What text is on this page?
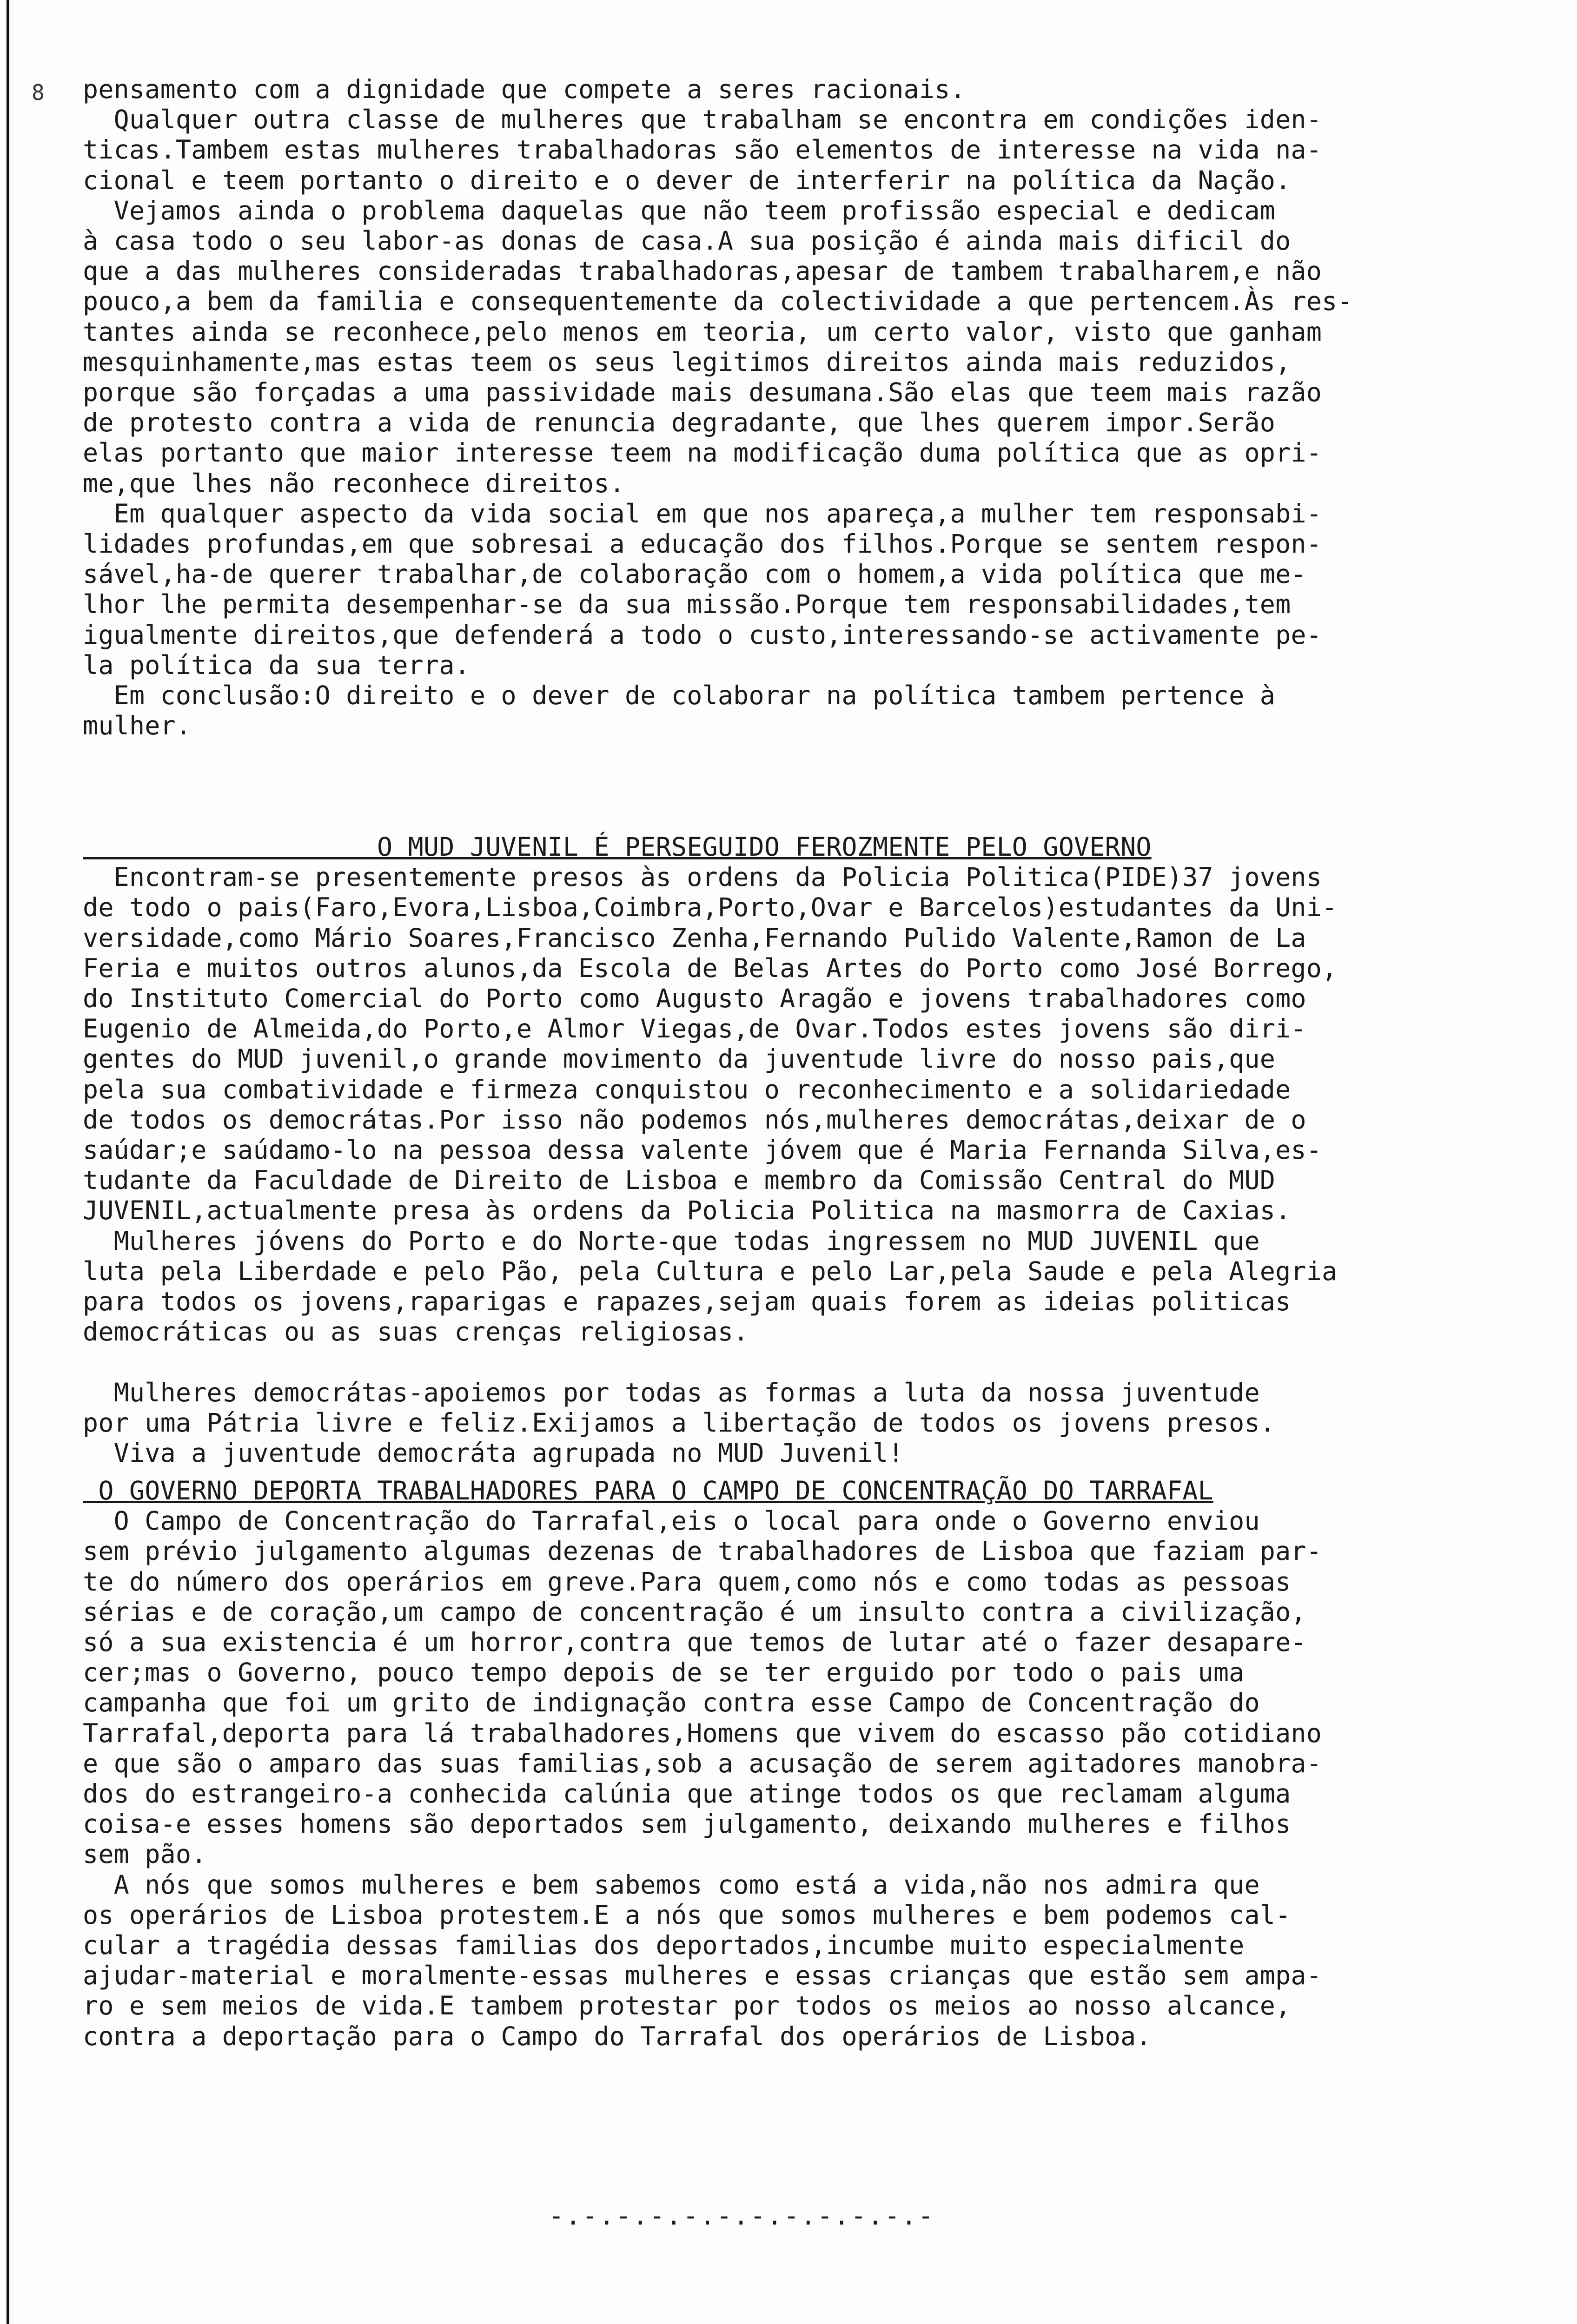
8 pensamento com a dignidade que compete a seres racionais.
Qualquer outra classe de mulheres que trabalham se encontra em condições iden-
ticas.Tambem estas mulheres trabalhadoras são elementos de interesse na vida na-
cional e teem portanto o direito e o dever de interferir na política da Nação.
Vejamos ainda o problema daquelas que não teem profissão especial e dedicam
à casa todo o seu labor-as donas de casa.A sua posição é ainda mais dificil do
que a das mulheres consideradas trabalhadoras,apesar de tambem trabalharem,e não
pouco,a bem da familia e consequentemente da colectividade a que pertencem.Às res-
tantes ainda se reconhece,pelo menos em teoria, um certo valor, visto que ganham
mesquinhamente,mas estas teem os seus legitimos direitos ainda mais reduzidos,
porque são forçadas a uma passividade mais desumana.São elas que teem mais razão
de protesto contra a vida de renuncia degradante, que lhes querem impor.Serão
elas portanto que maior interesse teem na modificação duma política que as opri-
me,que lhes não reconhece direitos.
Em qualquer aspecto da vida social em que nos apareça,a mulher tem responsabi-
lidades profundas,em que sobresai a educação dos filhos.Porque se sentem respon-
sável,ha-de querer trabalhar,de colaboração com o homem,a vida política que me-
lhor lhe permita desempenhar-se da sua missão.Porque tem responsabilidades,tem
igualmente direitos,que defenderá a todo o custo,interessando-se activamente pe-
la política da sua terra.
Em conclusão:O direito e o dever de colaborar na política tambem pertence à
mulher.
O MUD JUVENIL É PERSEGUIDO FEROZMENTE PELO GOVERNO
Encontram-se presentemente presos às ordens da Policia Politica(PIDE)37 jovens
de todo o pais(Faro,Evora,Lisboa,Coimbra,Porto,Ovar e Barcelos)estudantes da Uni-
versidade,como Mário Soares,Francisco Zenha,Fernando Pulido Valente,Ramon de La
Feria e muitos outros alunos,da Escola de Belas Artes do Porto como José Borrego,
do Instituto Comercial do Porto como Augusto Aragão e jovens trabalhadores como
Eugenio de Almeida,do Porto,e Almor Viegas,de Ovar.Todos estes jovens são diri-
gentes do MUD juvenil,o grande movimento da juventude livre do nosso pais,que
pela sua combatividade e firmeza conquistou o reconhecimento e a solidariedade
de todos os democrátas.Por isso não podemos nós,mulheres democrátas,deixar de o
saúdar;e saúdamo-lo na pessoa dessa valente jóvem que é Maria Fernanda Silva,es-
tudante da Faculdade de Direito de Lisboa e membro da Comissão Central do MUD
JUVENIL,actualmente presa às ordens da Policia Politica na masmorra de Caxias.
Mulheres jóvens do Porto e do Norte-que todas ingressem no MUD JUVENIL que
luta pela Liberdade e pelo Pão, pela Cultura e pelo Lar,pela Saude e pela Alegria
para todos os jovens,raparigas e rapazes,sejam quais forem as ideias politicas
democráticas ou as suas crenças religiosas.

Mulheres democrátas-apoiemos por todas as formas a luta da nossa juventude
por uma Pátria livre e feliz.Exijamos a libertação de todos os jovens presos.
Viva a juventude democráta agrupada no MUD Juvenil!
O GOVERNO DEPORTA TRABALHADORES PARA O CAMPO DE CONCENTRAÇÃO DO TARRAFAL
O Campo de Concentração do Tarrafal,eis o local para onde o Governo enviou
sem prévio julgamento algumas dezenas de trabalhadores de Lisboa que faziam par-
te do número dos operários em greve.Para quem,como nós e como todas as pessoas
sérias e de coração,um campo de concentração é um insulto contra a civilização,
só a sua existencia é um horror,contra que temos de lutar até o fazer desapare-
cer;mas o Governo, pouco tempo depois de se ter erguido por todo o pais uma
campanha que foi um grito de indignação contra esse Campo de Concentração do
Tarrafal,deporta para lá trabalhadores,Homens que vivem do escasso pão cotidiano
e que são o amparo das suas familias,sob a acusação de serem agitadores manobra-
dos do estrangeiro-a conhecida calúnia que atinge todos os que reclamam alguma
coisa-e esses homens são deportados sem julgamento, deixando mulheres e filhos
sem pão.
A nós que somos mulheres e bem sabemos como está a vida,não nos admira que
os operários de Lisboa protestem.E a nós que somos mulheres e bem podemos cal-
cular a tragédia dessas familias dos deportados,incumbe muito especialmente
ajudar-material e moralmente-essas mulheres e essas crianças que estão sem ampa-
ro e sem meios de vida.E tambem protestar por todos os meios ao nosso alcance,
contra a deportação para o Campo do Tarrafal dos operários de Lisboa.
-.-.-.-.-.-.-.-.-.-.-.-
